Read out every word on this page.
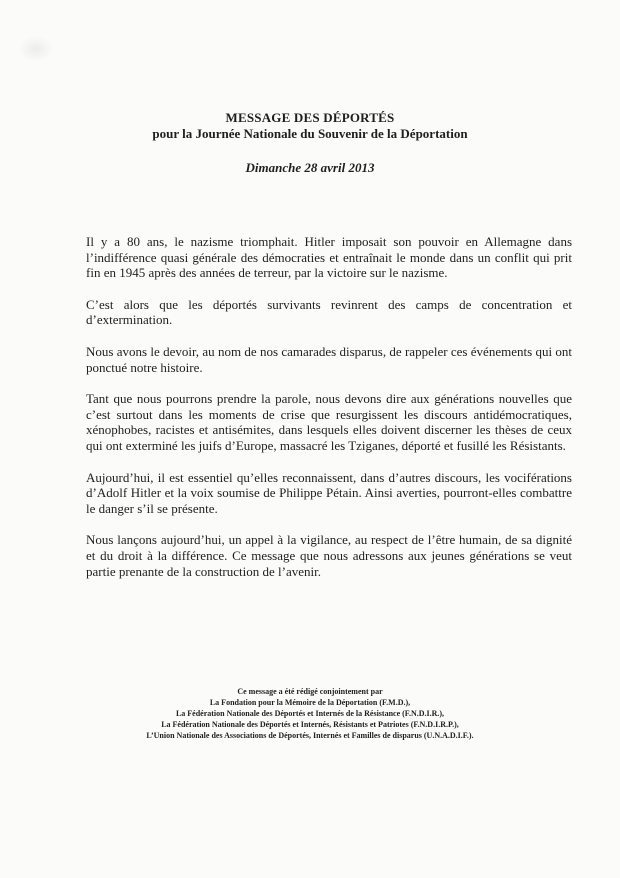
MESSAGE DES DÉPORTÉS
pour la Journée Nationale du Souvenir de la Déportation

Dimanche 28 avril 2013

Il y a 80 ans, le nazisme triomphait. Hitler imposait son pouvoir en Allemagne dans l’indifférence quasi générale des démocraties et entraînait le monde dans un conflit qui prit fin en 1945 après des années de terreur, par la victoire sur le nazisme.

C’est alors que les déportés survivants revinrent des camps de concentration et d’extermination.

Nous avons le devoir, au nom de nos camarades disparus, de rappeler ces événements qui ont ponctué notre histoire.

Tant que nous pourrons prendre la parole, nous devons dire aux générations nouvelles que c’est surtout dans les moments de crise que resurgissent les discours antidémocratiques, xénophobes, racistes et antisémites, dans lesquels elles doivent discerner les thèses de ceux qui ont exterminé les juifs d’Europe, massacré les Tziganes, déporté et fusillé les Résistants.

Aujourd’hui, il est essentiel qu’elles reconnaissent, dans d’autres discours, les vociférations d’Adolf Hitler et la voix soumise de Philippe Pétain. Ainsi averties, pourront-elles combattre le danger s’il se présente.

Nous lançons aujourd’hui, un appel à la vigilance, au respect de l’être humain, de sa dignité et du droit à la différence. Ce message que nous adressons aux jeunes générations se veut partie prenante de la construction de l’avenir.

Ce message a été rédigé conjointement par
La Fondation pour la Mémoire de la Déportation (F.M.D.),
La Fédération Nationale des Déportés et Internés de la Résistance (F.N.D.I.R.),
La Fédération Nationale des Déportés et Internés, Résistants et Patriotes (F.N.D.I.R.P.),
L’Union Nationale des Associations de Déportés, Internés et Familles de disparus (U.N.A.D.I.F.).
